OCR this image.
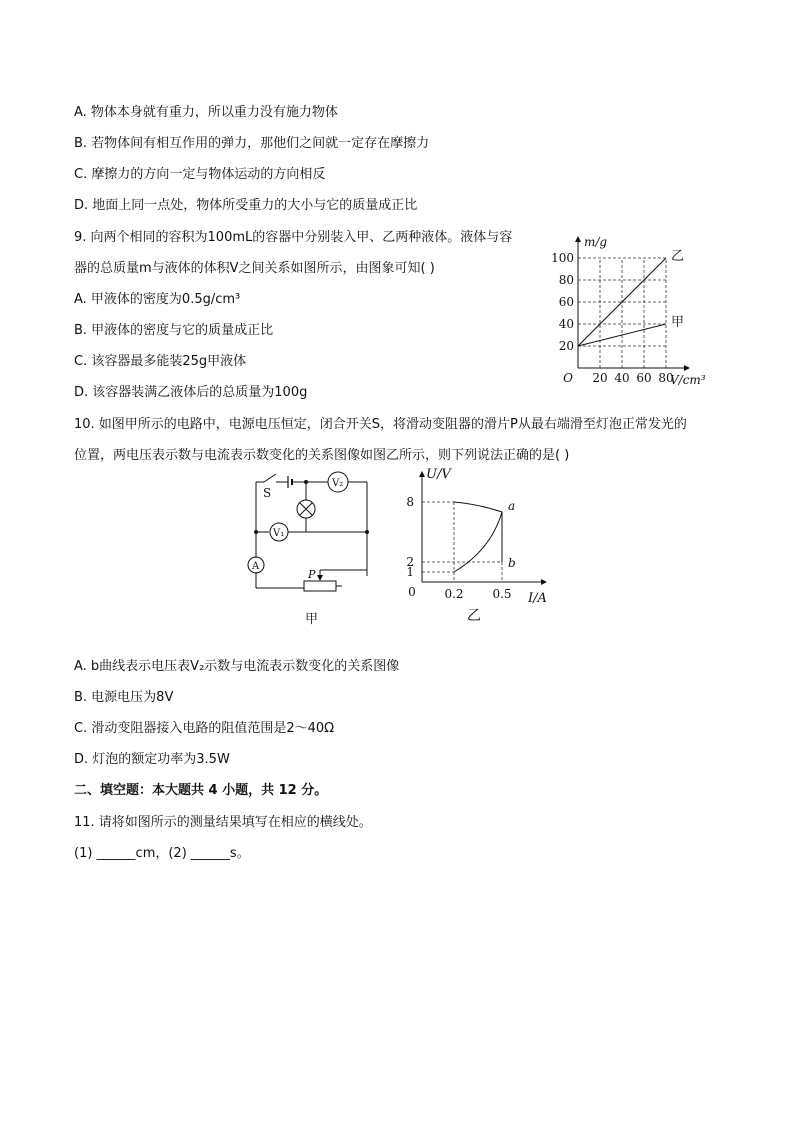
A. 物体本身就有重力，所以重力没有施力物体
B. 若物体间有相互作用的弹力，那他们之间就一定存在摩擦力
C. 摩擦力的方向一定与物体运动的方向相反
D. 地面上同一点处，物体所受重力的大小与它的质量成正比
9. 向两个相同的容积为100mL的容器中分别装入甲、乙两种液体。液体与容
器的总质量m与液体的体积V之间关系如图所示，由图象可知( )
A. 甲液体的密度为0.5g/cm³
B. 甲液体的密度与它的质量成正比
C. 该容器最多能装25g甲液体
D. 该容器装满乙液体后的总质量为100g
20 40 60 80
20
40
60
80
100	乙
甲
m/g
V/cm³
O
10. 如图甲所示的电路中，电源电压恒定，闭合开关S，将滑动变阻器的滑片P从最右端滑至灯泡正常发光的
位置，两电压表示数与电流表示数变化的关系图像如图乙所示，则下列说法正确的是( )
S
V₂
V₁
A
P
甲
a
b
1
2
8
0.2 0.5
0
U/V
I/A
乙
A. b曲线表示电压表V₂示数与电流表示数变化的关系图像
B. 电源电压为8V
C. 滑动变阻器接入电路的阻值范围是2～40Ω
D. 灯泡的额定功率为3.5W
二、填空题：本大题共 4 小题，共 12 分。
11. 请将如图所示的测量结果填写在相应的横线处。
(1) ______cm，(2) ______s。
